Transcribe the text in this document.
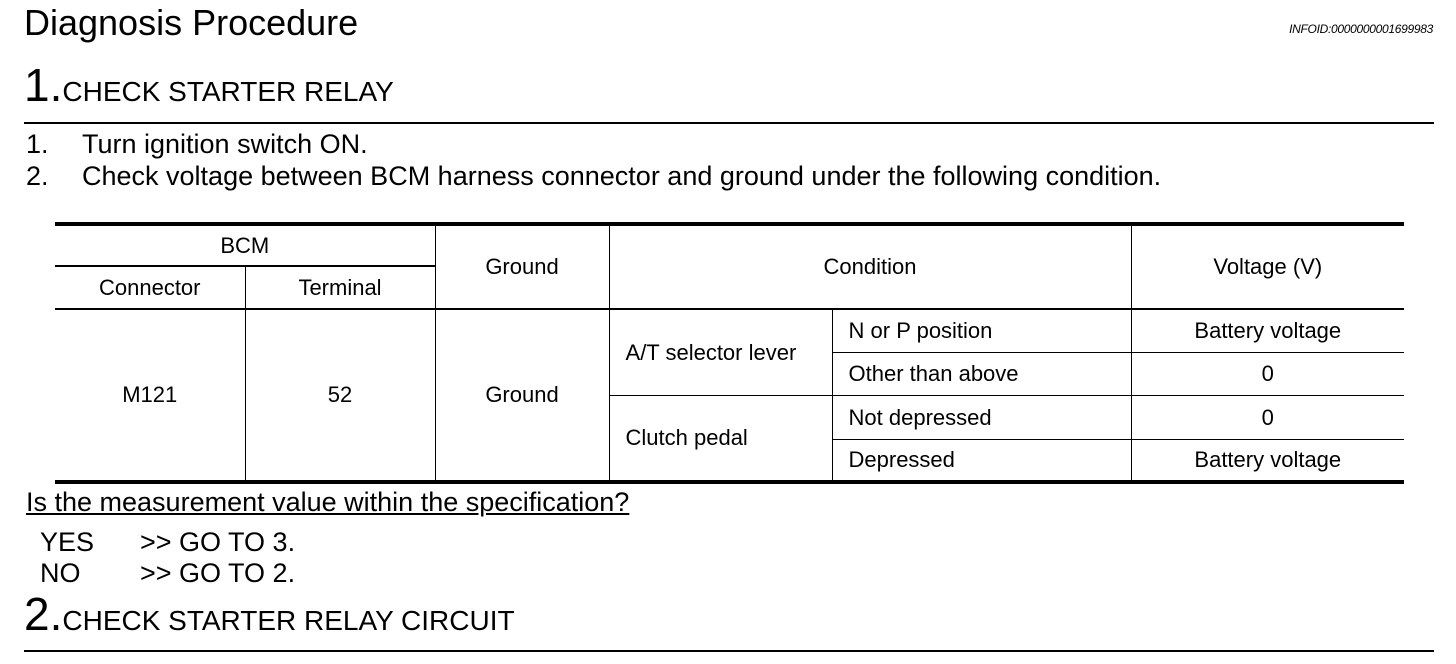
Diagnosis Procedure	INFOID:0000000001699983
1.CHECK STARTER RELAY
1.	Turn ignition switch ON.
2.	Check voltage between BCM harness connector and ground under the following condition.
BCM		Ground	Condition		Voltage (V)
Connector	Terminal				
M121	52	Ground	A/T selector lever	N or P position	Battery voltage
				Other than above	0
			Clutch pedal	Not depressed	0
				Depressed	Battery voltage
Is the measurement value within the specification?
YES	>> GO TO 3.
NO	>> GO TO 2.
2.CHECK STARTER RELAY CIRCUIT
